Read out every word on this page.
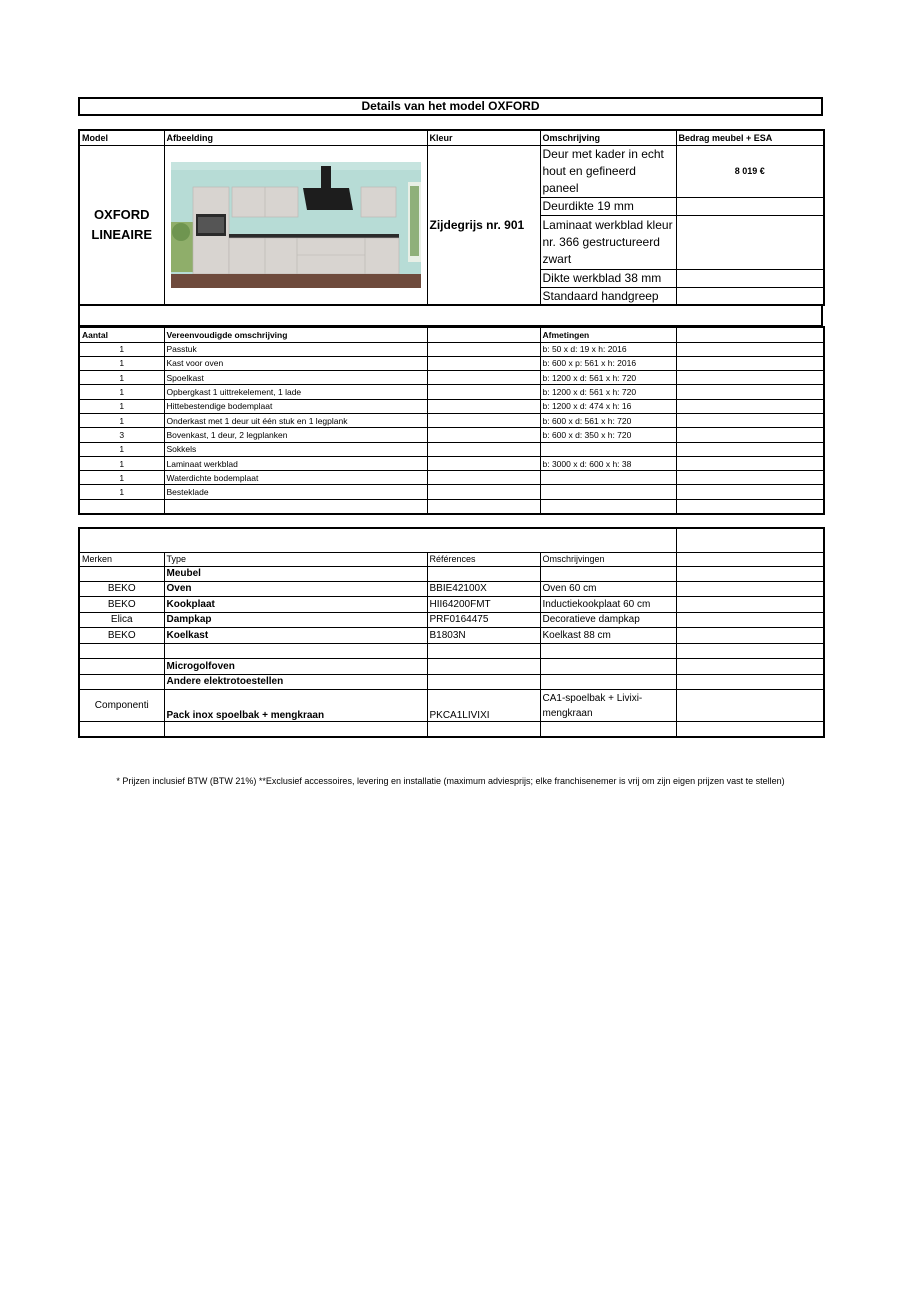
Details van het model OXFORD
Model	Afbeelding	Kleur	Omschrijving	Bedrag meubel + ESA
OXFORD LINEAIRE		Zijdegrijs nr. 901	Deur met kader in echt hout en gefineerd paneel	8 019 €
			Deurdikte 19 mm	
			Laminaat werkblad kleur nr. 366 gestructureerd zwart	
			Dikte werkblad 38 mm	
			Standaard handgreep	
Aantal	Vereenvoudigde omschrijving		Afmetingen	
1	Passtuk		b: 50 x d: 19 x h: 2016	
1	Kast voor oven		b: 600 x p: 561 x h: 2016	
1	Spoelkast		b: 1200 x d: 561 x h: 720	
1	Opbergkast 1 uittrekelement, 1 lade		b: 1200 x d: 561 x h: 720	
1	Hittebestendige bodemplaat		b: 1200 x d: 474 x h: 16	
1	Onderkast met 1 deur uit één stuk en 1 legplank		b: 600 x d: 561 x h: 720	
3	Bovenkast, 1 deur, 2 legplanken		b: 600 x d: 350 x h: 720	
1	Sokkels			
1	Laminaat werkblad		b: 3000 x d: 600 x h: 38	
1	Waterdichte bodemplaat			
1	Besteklade			

Merken	Type	Références	Omschrijvingen	
	Meubel			
BEKO	Oven	BBIE42100X	Oven 60 cm	
BEKO	Kookplaat	HII64200FMT	Inductiekookplaat 60 cm	
Elica	Dampkap	PRF0164475	Decoratieve dampkap	
BEKO	Koelkast	B1803N	Koelkast 88 cm	

	Microgolfoven			
	Andere elektrotoestellen			
Componenti	Pack inox spoelbak + mengkraan	PKCA1LIVIXI	CA1-spoelbak + Livixi-mengkraan	

* Prijzen inclusief BTW (BTW 21%) **Exclusief accessoires, levering en installatie (maximum adviesprijs; elke franchisenemer is vrij om zijn eigen prijzen vast te stellen)
